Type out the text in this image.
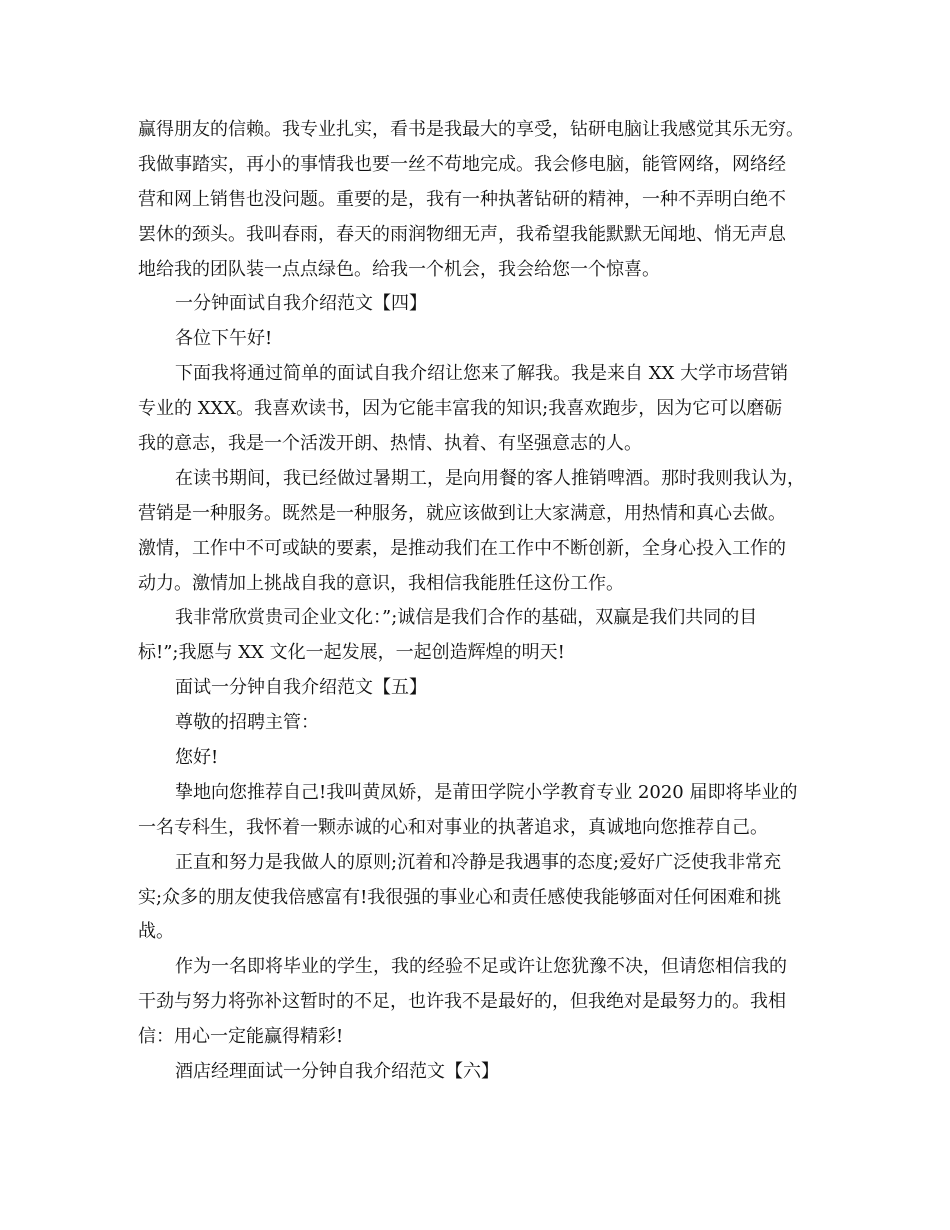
赢得朋友的信赖。我专业扎实，看书是我最大的享受，钻研电脑让我感觉其乐无穷。
我做事踏实，再小的事情我也要一丝不苟地完成。我会修电脑，能管网络，网络经
营和网上销售也没问题。重要的是，我有一种执著钻研的精神，一种不弄明白绝不
罢休的颈头。我叫春雨，春天的雨润物细无声，我希望我能默默无闻地、悄无声息
地给我的团队装一点点绿色。给我一个机会，我会给您一个惊喜。
一分钟面试自我介绍范文【四】
各位下午好!
下面我将通过简单的面试自我介绍让您来了解我。我是来自 XX 大学市场营销
专业的 XXX。我喜欢读书，因为它能丰富我的知识;我喜欢跑步，因为它可以磨砺
我的意志，我是一个活泼开朗、热情、执着、有坚强意志的人。
在读书期间，我已经做过暑期工，是向用餐的客人推销啤酒。那时我则我认为，
营销是一种服务。既然是一种服务，就应该做到让大家满意，用热情和真心去做。
激情，工作中不可或缺的要素，是推动我们在工作中不断创新，全身心投入工作的
动力。激情加上挑战自我的意识，我相信我能胜任这份工作。
我非常欣赏贵司企业文化：”;诚信是我们合作的基础，双赢是我们共同的目
标!”;我愿与 XX 文化一起发展，一起创造辉煌的明天!
面试一分钟自我介绍范文【五】
尊敬的招聘主管：
您好!
挚地向您推荐自己!我叫黄凤娇，是莆田学院小学教育专业 2020 届即将毕业的
一名专科生，我怀着一颗赤诚的心和对事业的执著追求，真诚地向您推荐自己。
正直和努力是我做人的原则;沉着和冷静是我遇事的态度;爱好广泛使我非常充
实;众多的朋友使我倍感富有!我很强的事业心和责任感使我能够面对任何困难和挑
战。
作为一名即将毕业的学生，我的经验不足或许让您犹豫不决，但请您相信我的
干劲与努力将弥补这暂时的不足，也许我不是最好的，但我绝对是最努力的。我相
信：用心一定能赢得精彩!
酒店经理面试一分钟自我介绍范文【六】
